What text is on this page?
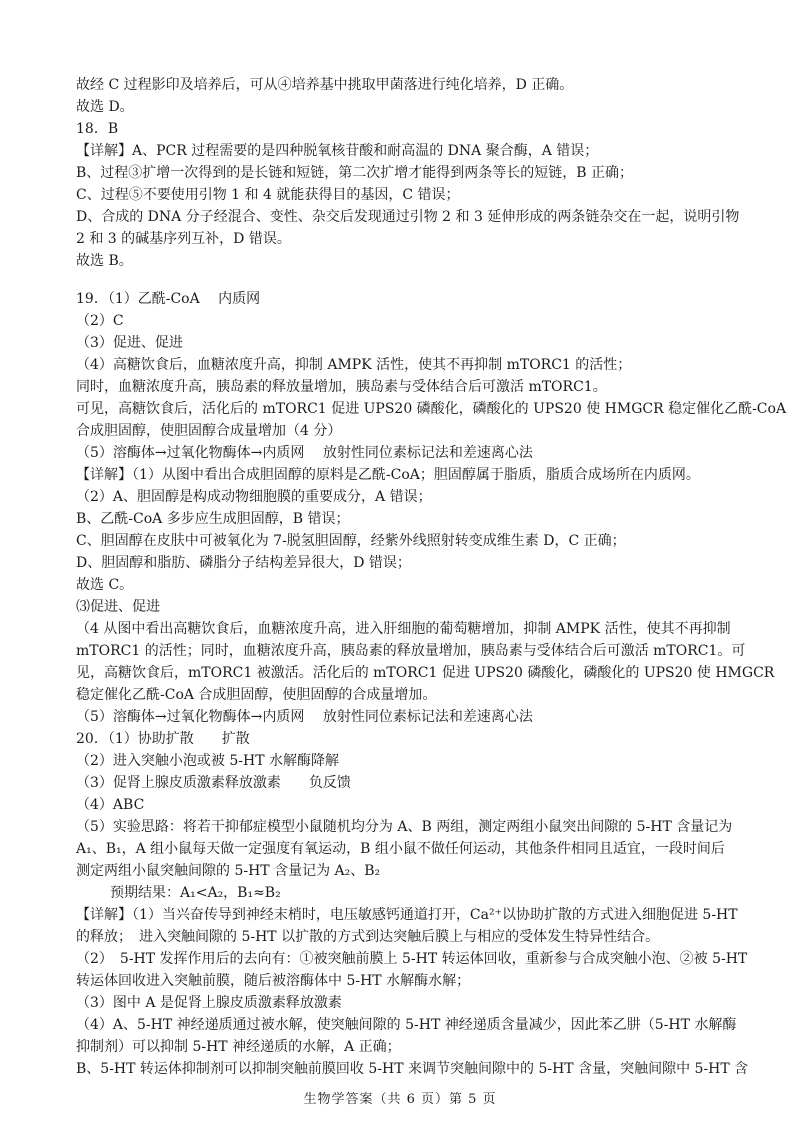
故经 C 过程影印及培养后，可从④培养基中挑取甲菌落进行纯化培养，D 正确。
故选 D。
18．B
【详解】A、PCR 过程需要的是四种脱氧核苷酸和耐高温的 DNA 聚合酶，A 错误；
B、过程③扩增一次得到的是长链和短链，第二次扩增才能得到两条等长的短链，B 正确；
C、过程⑤不要使用引物 1 和 4 就能获得目的基因，C 错误；
D、合成的 DNA 分子经混合、变性、杂交后发现通过引物 2 和 3 延伸形成的两条链杂交在一起，说明引物
2 和 3 的碱基序列互补，D 错误。
故选 B。
19．（1）乙酰-CoA　 内质网
（2）C
（3）促进、促进
（4）高糖饮食后，血糖浓度升高，抑制 AMPK 活性，使其不再抑制 mTORC1 的活性；
同时，血糖浓度升高，胰岛素的释放量增加，胰岛素与受体结合后可激活 mTORC1。
可见，高糖饮食后，活化后的 mTORC1 促进 UPS20 磷酸化，磷酸化的 UPS20 使 HMGCR 稳定催化乙酰-CoA
合成胆固醇，使胆固醇合成量增加（4 分）
（5）溶酶体→过氧化物酶体→内质网　 放射性同位素标记法和差速离心法
【详解】（1）从图中看出合成胆固醇的原料是乙酰-CoA；胆固醇属于脂质，脂质合成场所在内质网。
（2）A、胆固醇是构成动物细胞膜的重要成分，A 错误；
B、乙酰-CoA 多步应生成胆固醇，B 错误；
C、胆固醇在皮肤中可被氧化为 7-脱氢胆固醇，经紫外线照射转变成维生素 D，C 正确；
D、胆固醇和脂肪、磷脂分子结构差异很大，D 错误；
故选 C。
⑶促进、促进
（4 从图中看出高糖饮食后，血糖浓度升高，进入肝细胞的葡萄糖增加，抑制 AMPK 活性，使其不再抑制
mTORC1 的活性；同时，血糖浓度升高，胰岛素的释放量增加，胰岛素与受体结合后可激活 mTORC1。可
见，高糖饮食后，mTORC1 被激活。活化后的 mTORC1 促进 UPS20 磷酸化，磷酸化的 UPS20 使 HMGCR
稳定催化乙酰-CoA 合成胆固醇，使胆固醇的合成量增加。
（5）溶酶体→过氧化物酶体→内质网　 放射性同位素标记法和差速离心法
20．（1）协助扩散　　扩散
（2）进入突触小泡或被 5-HT 水解酶降解
（3）促肾上腺皮质激素释放激素　　负反馈
（4）ABC
（5）实验思路：将若干抑郁症模型小鼠随机均分为 A、B 两组，测定两组小鼠突出间隙的 5-HT 含量记为
A₁、B₁，A 组小鼠每天做一定强度有氧运动，B 组小鼠不做任何运动，其他条件相同且适宜，一段时间后
测定两组小鼠突触间隙的 5-HT 含量记为 A₂、B₂
预期结果：A₁<A₂，B₁≈B₂
【详解】（1）当兴奋传导到神经末梢时，电压敏感钙通道打开，Ca²⁺以协助扩散的方式进入细胞促进 5-HT
的释放；　进入突触间隙的 5-HT 以扩散的方式到达突触后膜上与相应的受体发生特异性结合。
（2）　5-HT 发挥作用后的去向有：①被突触前膜上 5-HT 转运体回收，重新参与合成突触小泡、②被 5-HT
转运体回收进入突触前膜，随后被溶酶体中 5-HT 水解酶水解；
（3）图中 A 是促肾上腺皮质激素释放激素
（4）A、5-HT 神经递质通过被水解，使突触间隙的 5-HT 神经递质含量减少，因此苯乙肼（5-HT 水解酶
抑制剂）可以抑制 5-HT 神经递质的水解，A 正确；
B、5-HT 转运体抑制剂可以抑制突触前膜回收 5-HT 来调节突触间隙中的 5-HT 含量，突触间隙中 5-HT 含
生物学答案（共 6 页）第 5 页
